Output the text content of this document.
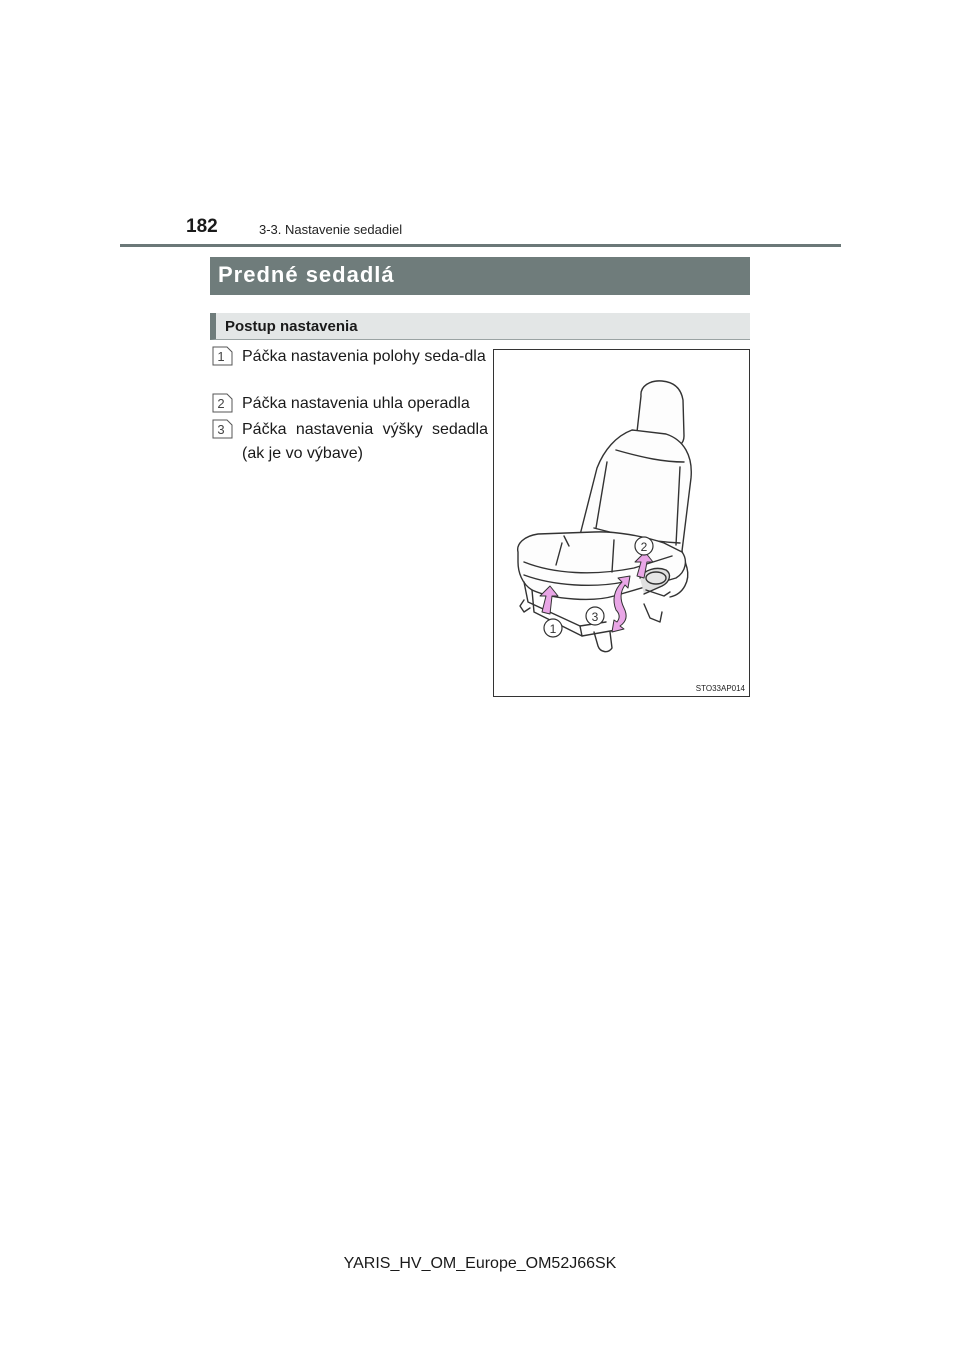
182	3-3. Nastavenie sedadiel
Predné sedadlá
Postup nastavenia
1 Páčka nastavenia polohy seda-dla
2 Páčka nastavenia uhla operadla
3 Páčka nastavenia výšky sedadla (ak je vo výbave)
1
2
3
STO33AP014
YARIS_HV_OM_Europe_OM52J66SK
